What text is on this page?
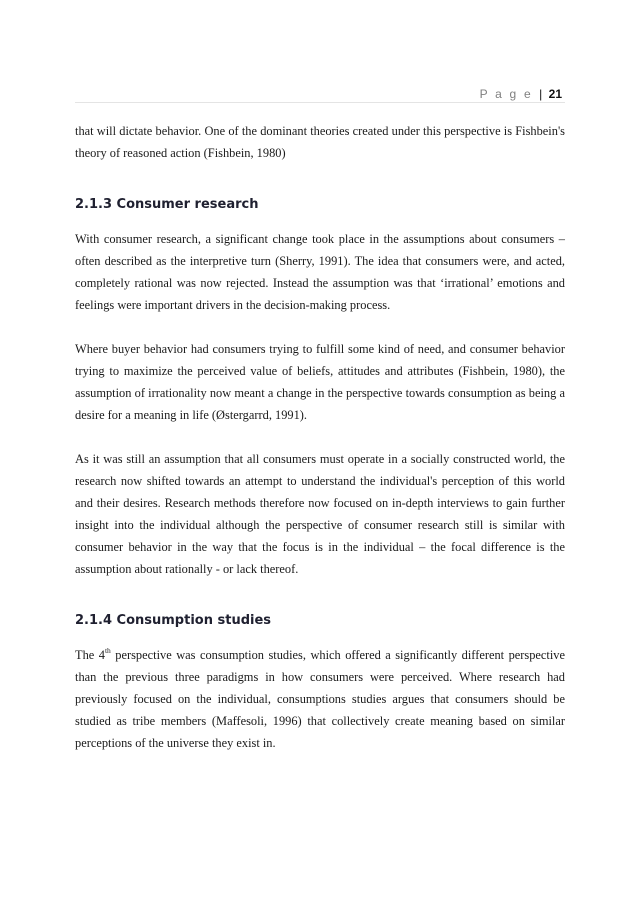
P a g e | 21

that will dictate behavior. One of the dominant theories created under this perspective is Fishbein's theory of reasoned action (Fishbein, 1980)

2.1.3 Consumer research

With consumer research, a significant change took place in the assumptions about consumers – often described as the interpretive turn (Sherry, 1991). The idea that consumers were, and acted, completely rational was now rejected. Instead the assumption was that ‘irrational’ emotions and feelings were important drivers in the decision-making process.

Where buyer behavior had consumers trying to fulfill some kind of need, and consumer behavior trying to maximize the perceived value of beliefs, attitudes and attributes (Fishbein, 1980), the assumption of irrationality now meant a change in the perspective towards consumption as being a desire for a meaning in life (Østergarrd, 1991).

As it was still an assumption that all consumers must operate in a socially constructed world, the research now shifted towards an attempt to understand the individual's perception of this world and their desires. Research methods therefore now focused on in-depth interviews to gain further insight into the individual although the perspective of consumer research still is similar with consumer behavior in the way that the focus is in the individual – the focal difference is the assumption about rationally - or lack thereof.

2.1.4 Consumption studies

The 4th perspective was consumption studies, which offered a significantly different perspective than the previous three paradigms in how consumers were perceived. Where research had previously focused on the individual, consumptions studies argues that consumers should be studied as tribe members (Maffesoli, 1996) that collectively create meaning based on similar perceptions of the universe they exist in.
